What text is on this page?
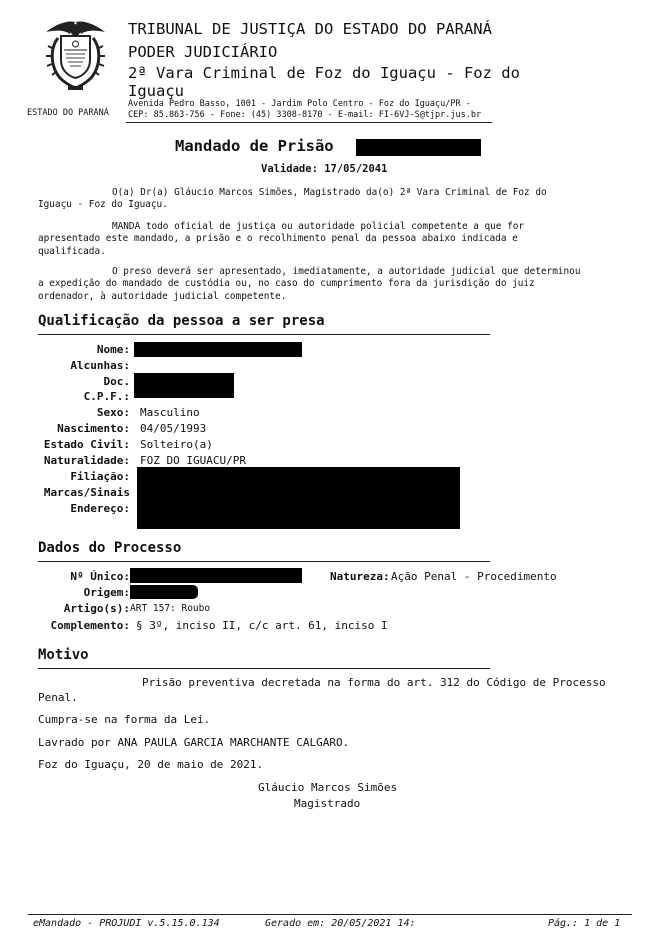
ESTADO DO PARANÁ
TRIBUNAL DE JUSTIÇA DO ESTADO DO PARANÁ
PODER JUDICIÁRIO
2ª Vara Criminal de Foz do Iguaçu - Foz do
Iguaçu
Avenida Pedro Basso, 1001 - Jardim Polo Centro - Foz do Iguaçu/PR -
CEP: 85.863-756 - Fone: (45) 3308-8170 - E-mail: FI-6VJ-S@tjpr.jus.br
Mandado de Prisão
Validade: 17/05/2041
O(a) Dr(a) Gláucio Marcos Simões, Magistrado da(o) 2ª Vara Criminal de Foz do
Iguaçu - Foz do Iguaçu.
MANDA todo oficial de justiça ou autoridade policial competente a que for
apresentado este mandado, a prisão e o recolhimento penal da pessoa abaixo indicada e
qualificada.
O preso deverá ser apresentado, imediatamente, a autoridade judicial que determinou
a expedição do mandado de custódia ou, no caso do cumprimento fora da jurisdição do juiz
ordenador, à autoridade judicial competente.
Qualificação da pessoa a ser presa
Nome:
Alcunhas:
Doc.
C.P.F.:
Sexo: Masculino
Nascimento: 04/05/1993
Estado Civil: Solteiro(a)
Naturalidade: FOZ DO IGUACU/PR
Filiação:
Marcas/Sinais
Endereço:
Dados do Processo
Nº Único:	Natureza: Ação Penal - Procedimento
Origem:
Artigo(s): ART 157: Roubo
Complemento: § 3º, inciso II, c/c art. 61, inciso I
Motivo
Prisão preventiva decretada na forma do art. 312 do Código de Processo
Penal.
Cumpra-se na forma da Lei.
Lavrado por ANA PAULA GARCIA MARCHANTE CALGARO.
Foz do Iguaçu, 20 de maio de 2021.
Gláucio Marcos Simões
Magistrado
eMandado - PROJUDI v.5.15.0.134	Gerado em: 20/05/2021 14:	Pág.: 1 de 1
